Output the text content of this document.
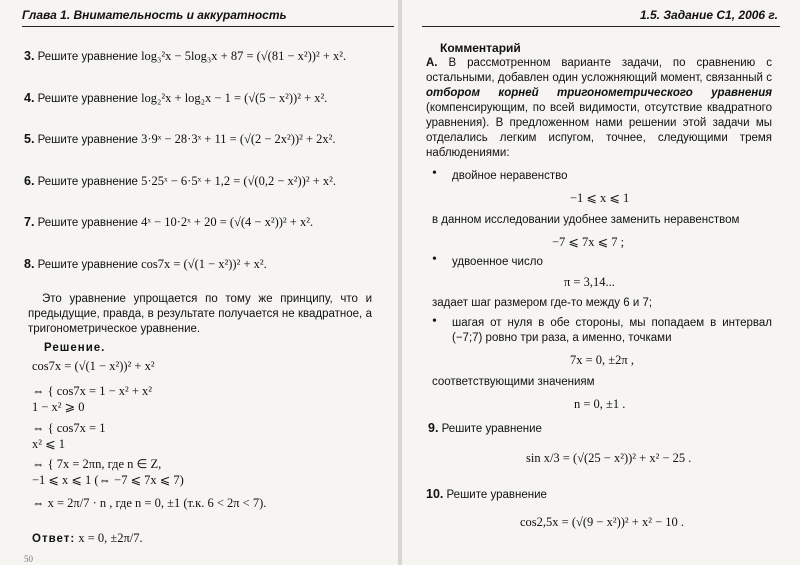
Глава 1. Внимательность и аккуратность
3. Решите уравнение log₃²x − 5log₃x + 87 = (√(81 − x²))² + x².
4. Решите уравнение log₂²x + log₂x − 1 = (√(5 − x²))² + x².
5. Решите уравнение 3·9ˣ − 28·3ˣ + 11 = (√(2 − 2x²))² + 2x².
6. Решите уравнение 5·25ˣ − 6·5ˣ + 1,2 = (√(0,2 − x²))² + x².
7. Решите уравнение 4ˣ − 10·2ˣ + 20 = (√(4 − x²))² + x².
8. Решите уравнение cos7x = (√(1 − x²))² + x².
Это уравнение упрощается по тому же принципу, что и предыдущие, правда, в результате получается не квадратное, а тригонометрическое уравнение.
Решение.
cos7x = (√(1 − x²))² + x²
⇔ { cos7x = 1 − x² + x²
1 − x² ⩾ 0
⇔ { cos7x = 1
x² ⩽ 1
⇔ { 7x = 2πn, где n ∈ Z,
−1 ⩽ x ⩽ 1 (⇔ −7 ⩽ 7x ⩽ 7)
⇔ x = 2π/7 · n , где n = 0, ±1 (т.к. 6 < 2π < 7).
Ответ: x = 0, ±2π/7.
50
1.5. Задание С1, 2006 г.
Комментарий
А. В рассмотренном варианте задачи, по сравнению с остальными, добавлен один усложняющий момент, связанный с отбором корней тригонометрического уравнения (компенсирующим, по всей видимости, отсутствие квадратного уравнения). В предложенном нами решении этой задачи мы отделались легким испугом, точнее, следующими тремя наблюдениями:
• двойное неравенство
−1 ⩽ x ⩽ 1
в данном исследовании удобнее заменить неравенством
−7 ⩽ 7x ⩽ 7 ;
• удвоенное число
π = 3,14...
задает шаг размером где-то между 6 и 7;
• шагая от нуля в обе стороны, мы попадаем в интервал (−7;7) ровно три раза, а именно, точками
7x = 0, ±2π ,
соответствующими значениям
n = 0, ±1 .
9. Решите уравнение
sin x/3 = (√(25 − x²))² + x² − 25 .
10. Решите уравнение
cos2,5x = (√(9 − x²))² + x² − 10 .
